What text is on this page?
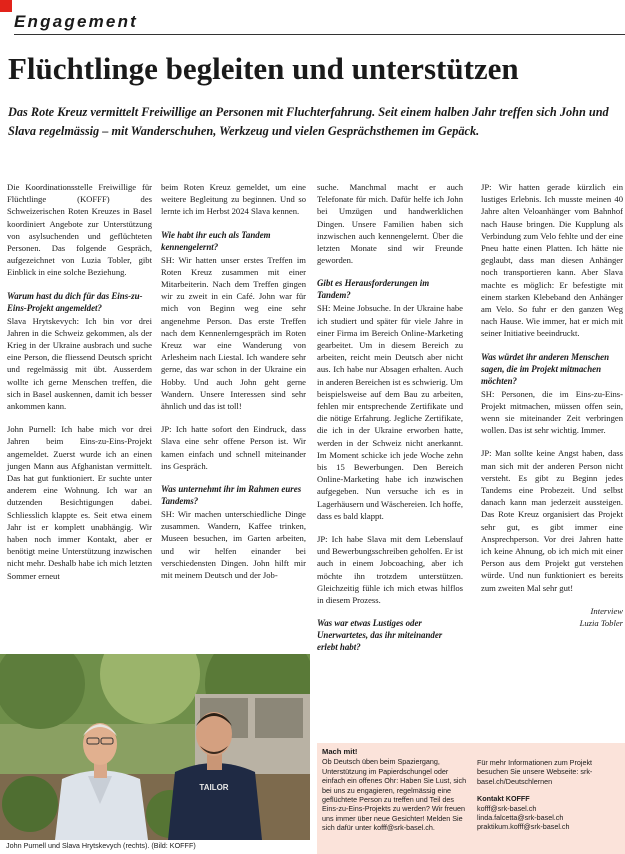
Engagement
Flüchtlinge begleiten und unterstützen

Das Rote Kreuz vermittelt Freiwillige an Personen mit Fluchterfahrung. Seit einem halben Jahr treffen sich John und Slava regelmässig – mit Wanderschuhen, Werkzeug und vielen Gesprächsthemen im Gepäck.

Die Koordinationsstelle Freiwillige für Flüchtlinge (KOFFF) des Schweizerischen Roten Kreuzes in Basel koordiniert Angebote zur Unterstützung von asylsuchenden und geflüchteten Personen. Das folgende Gespräch, aufgezeichnet von Luzia Tobler, gibt Einblick in eine solche Beziehung.

Warum hast du dich für das Eins-zu-Eins-Projekt angemeldet?

Slava Hrytskevych: Ich bin vor drei Jahren in die Schweiz gekommen, als der Krieg in der Ukraine ausbrach und suche eine Person, die fliessend Deutsch spricht und regelmässig mit übt. Ausserdem wollte ich gerne Menschen treffen, die sich in Basel auskennen, damit ich besser ankommen kann.

John Purnell: Ich habe mich vor drei Jahren beim Eins-zu-Eins-Projekt angemeldet. Zuerst wurde ich an einen jungen Mann aus Afghanistan vermittelt. Das hat gut funktioniert. Er suchte unter anderem eine Wohnung. Ich war an dutzenden Besichtigungen dabei. Schliesslich klappte es. Seit etwa einem Jahr ist er komplett unabhängig. Wir haben noch immer Kontakt, aber er benötigt meine Unterstützung inzwischen nicht mehr. Deshalb habe ich mich letzten Sommer erneut

beim Roten Kreuz gemeldet, um eine weitere Begleitung zu beginnen. Und so lernte ich im Herbst 2024 Slava kennen.

Wie habt ihr euch als Tandem kennengelernt?

SH: Wir hatten unser erstes Treffen im Roten Kreuz zusammen mit einer Mitarbeiterin. Nach dem Treffen gingen wir zu zweit in ein Café. John war für mich von Beginn weg eine sehr angenehme Person. Das erste Treffen nach dem Kennenlerngespräch im Roten Kreuz war eine Wanderung von Arlesheim nach Liestal. Ich wandere sehr gerne, das war schon in der Ukraine ein Hobby. Und auch John geht gerne Wandern. Unsere Interessen sind sehr ähnlich und das ist toll!

JP: Ich hatte sofort den Eindruck, dass Slava eine sehr offene Person ist. Wir kamen einfach und schnell miteinander ins Gespräch.

Was unternehmt ihr im Rahmen eures Tandems?

SH: Wir machen unterschiedliche Dinge zusammen. Wandern, Kaffee trinken, Museen besuchen, im Garten arbeiten, und wir helfen einander bei verschiedensten Dingen. John hilft mir mit meinem Deutsch und der Job-

suche. Manchmal macht er auch Telefonate für mich. Dafür helfe ich John bei Umzügen und handwerklichen Dingen. Unsere Familien haben sich inzwischen auch kennengelernt. Über die letzten Monate sind wir Freunde geworden.

Gibt es Herausforderungen im Tandem?

SH: Meine Jobsuche. In der Ukraine habe ich studiert und später für viele Jahre in einer Firma im Bereich Online-Marketing gearbeitet. Um in diesem Bereich zu arbeiten, reicht mein Deutsch aber nicht aus. Ich habe nur Absagen erhalten. Auch in anderen Bereichen ist es schwierig. Um beispielsweise auf dem Bau zu arbeiten, fehlen mir entsprechende Zertifikate und die nötige Erfahrung. Jegliche Zertifikate, die ich in der Ukraine erworben hatte, werden in der Schweiz nicht anerkannt. Im Moment schicke ich jede Woche zehn bis 15 Bewerbungen. Den Bereich Online-Marketing habe ich inzwischen aufgegeben. Nun versuche ich es in Lagerhäusern und Wäschereien. Ich hoffe, dass es bald klappt.

JP: Ich habe Slava mit dem Lebenslauf und Bewerbungsschreiben geholfen. Er ist auch in einem Jobcoaching, aber ich möchte ihn trotzdem unterstützen. Gleichzeitig fühle ich mich etwas hilflos in diesem Prozess.

Was war etwas Lustiges oder Unerwartetes, das ihr miteinander erlebt habt?

JP: Wir hatten gerade kürzlich ein lustiges Erlebnis. Ich musste meinen 40 Jahre alten Veloanhänger vom Bahnhof nach Hause bringen. Die Kupplung als Verbindung zum Velo fehlte und der eine Pneu hatte einen Platten. Ich hätte nie geglaubt, dass man diesen Anhänger noch transportieren kann. Aber Slava machte es möglich: Er befestigte mit einem starken Klebeband den Anhänger am Velo. So fuhr er den ganzen Weg nach Hause. Wie immer, hat er mich mit seiner Initiative beeindruckt.

Was würdet ihr anderen Menschen sagen, die im Projekt mitmachen möchten?

SH: Personen, die im Eins-zu-Eins-Projekt mitmachen, müssen offen sein, wenn sie miteinander Zeit verbringen wollen. Das ist sehr wichtig. Immer.

JP: Man sollte keine Angst haben, dass man sich mit der anderen Person nicht versteht. Es gibt zu Beginn jedes Tandems eine Probezeit. Und selbst danach kann man jederzeit aussteigen. Das Rote Kreuz organisiert das Projekt sehr gut, es gibt immer eine Ansprechperson. Vor drei Jahren hatte ich keine Ahnung, ob ich mich mit einer Person aus dem Projekt gut verstehen würde. Und nun funktioniert es bereits zum zweiten Mal sehr gut!

Interview
Luzia Tobler

TAILOR

John Purnell und Slava Hrytskevych (rechts). (Bild: KOFFF)

Mach mit!

Ob Deutsch üben beim Spaziergang, Unterstützung im Papierdschungel oder einfach ein offenes Ohr: Haben Sie Lust, sich bei uns zu engagieren, regelmässig eine geflüchtete Person zu treffen und Teil des Eins-zu-Eins-Projekts zu werden? Wir freuen uns immer über neue Gesichter! Melden Sie sich dafür unter kofff@srk-basel.ch.

Für mehr Informationen zum Projekt besuchen Sie unsere Webseite: srk-basel.ch/Deutschlernen

Kontakt KOFFF

kofff@srk-basel.ch

linda.falcetta@srk-basel.ch

praktikum.kofff@srk-basel.ch
